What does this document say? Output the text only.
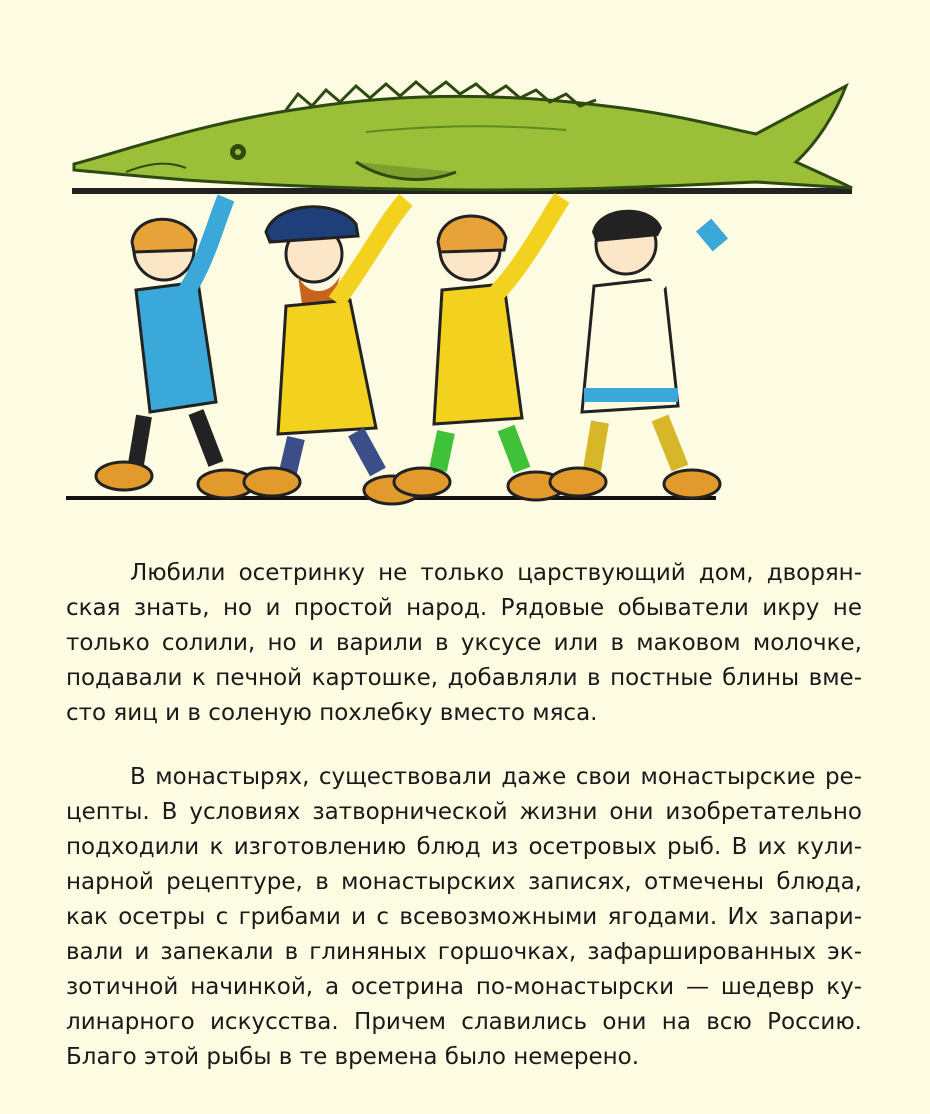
Любили осетринку не только царствующий дом, дворян-
ская знать, но и простой народ. Рядовые обыватели икру не
только солили, но и варили в уксусе или в маковом молочке,
подавали к печной картошке, добавляли в постные блины вме-
сто яиц и в соленую похлебку вместо мяса.
В монастырях, существовали даже свои монастырские ре-
цепты. В условиях затворнической жизни они изобретательно
подходили к изготовлению блюд из осетровых рыб. В их кули-
нарной рецептуре, в монастырских записях, отмечены блюда,
как осетры с грибами и с всевозможными ягодами. Их запари-
вали и запекали в глиняных горшочках, зафаршированных эк-
зотичной начинкой, а осетрина по-монастырски — шедевр ку-
линарного искусства. Причем славились они на всю Россию.
Благо этой рыбы в те времена было немерено.
